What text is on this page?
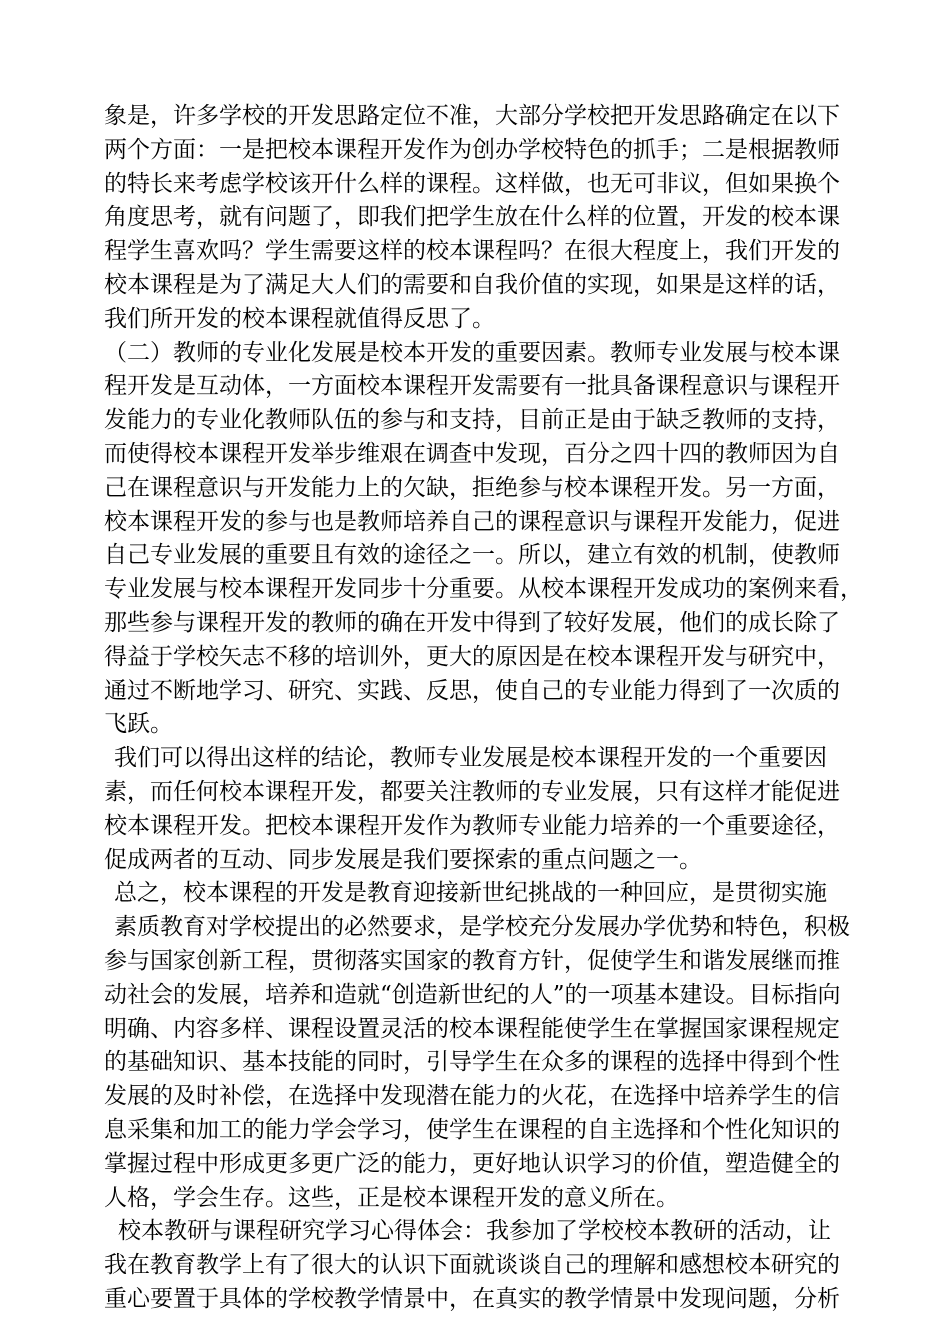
象是，许多学校的开发思路定位不准，大部分学校把开发思路确定在以下
两个方面：一是把校本课程开发作为创办学校特色的抓手；二是根据教师
的特长来考虑学校该开什么样的课程。这样做，也无可非议，但如果换个
角度思考，就有问题了，即我们把学生放在什么样的位置，开发的校本课
程学生喜欢吗？学生需要这样的校本课程吗？在很大程度上，我们开发的
校本课程是为了满足大人们的需要和自我价值的实现，如果是这样的话，
我们所开发的校本课程就值得反思了。
（二）教师的专业化发展是校本开发的重要因素。教师专业发展与校本课
程开发是互动体，一方面校本课程开发需要有一批具备课程意识与课程开
发能力的专业化教师队伍的参与和支持，目前正是由于缺乏教师的支持，
而使得校本课程开发举步维艰在调查中发现，百分之四十四的教师因为自
己在课程意识与开发能力上的欠缺，拒绝参与校本课程开发。另一方面，
校本课程开发的参与也是教师培养自己的课程意识与课程开发能力，促进
自己专业发展的重要且有效的途径之一。所以，建立有效的机制，使教师
专业发展与校本课程开发同步十分重要。从校本课程开发成功的案例来看，
那些参与课程开发的教师的确在开发中得到了较好发展，他们的成长除了
得益于学校矢志不移的培训外，更大的原因是在校本课程开发与研究中，
通过不断地学习、研究、实践、反思，使自己的专业能力得到了一次质的
飞跃。
我们可以得出这样的结论，教师专业发展是校本课程开发的一个重要因
素，而任何校本课程开发，都要关注教师的专业发展，只有这样才能促进
校本课程开发。把校本课程开发作为教师专业能力培养的一个重要途径，
促成两者的互动、同步发展是我们要探索的重点问题之一。
总之，校本课程的开发是教育迎接新世纪挑战的一种回应，是贯彻实施
素质教育对学校提出的必然要求，是学校充分发展办学优势和特色，积极
参与国家创新工程，贯彻落实国家的教育方针，促使学生和谐发展继而推
动社会的发展，培养和造就“创造新世纪的人”的一项基本建设。目标指向
明确、内容多样、课程设置灵活的校本课程能使学生在掌握国家课程规定
的基础知识、基本技能的同时，引导学生在众多的课程的选择中得到个性
发展的及时补偿，在选择中发现潜在能力的火花，在选择中培养学生的信
息采集和加工的能力学会学习，使学生在课程的自主选择和个性化知识的
掌握过程中形成更多更广泛的能力，更好地认识学习的价值，塑造健全的
人格，学会生存。这些，正是校本课程开发的意义所在。
校本教研与课程研究学习心得体会：我参加了学校校本教研的活动，让
我在教育教学上有了很大的认识下面就谈谈自己的理解和感想校本研究的
重心要置于具体的学校教学情景中，在真实的教学情景中发现问题，分析
